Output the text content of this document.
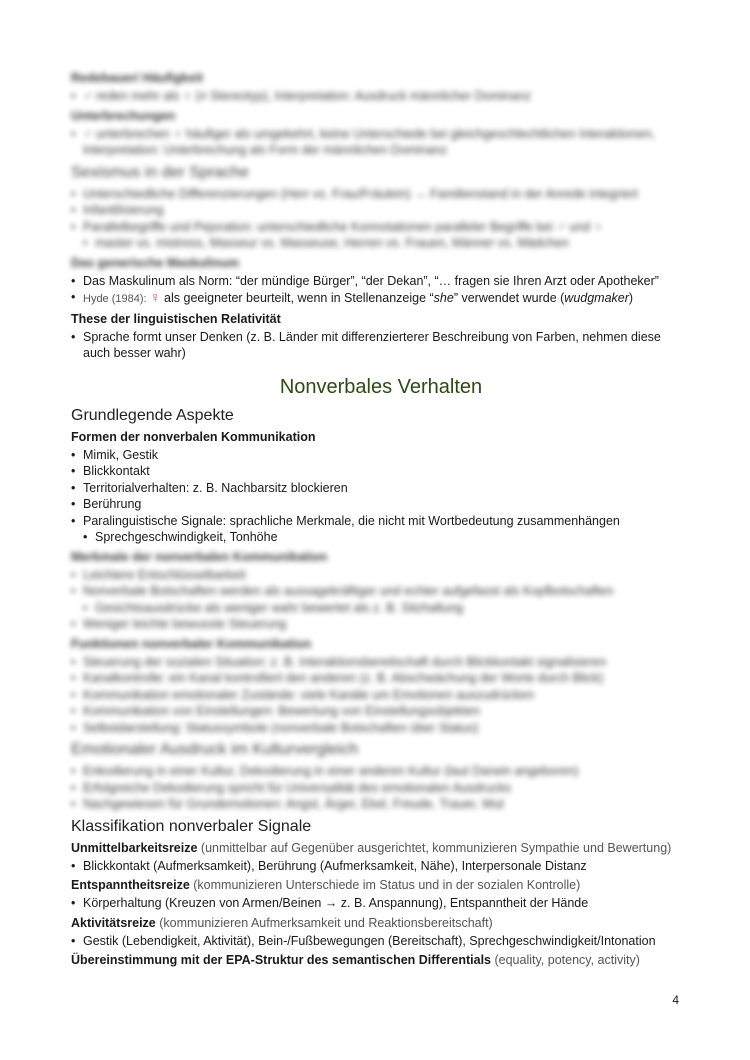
Redebauer/ Häufigkeit
• ♂ reden mehr als ♀ (≠ Stereotyp), Interpretation: Ausdruck männlicher Dominanz
Unterbrechungen
• ♂ unterbrechen ♀ häufiger als umgekehrt, keine Unterschiede bei gleichgeschlechtlichen Interaktionen, Interpretation: Unterbrechung als Form der männlichen Dominanz
Sexismus in der Sprache
• Unterschiedliche Differenzierungen (Herr vs. Frau/Fräulein) → Familienstand in der Anrede integriert
• Infantilisierung
• Parallelbegriffe und Pejoration: unterschiedliche Konnotationen paralleler Begriffe bei ♂ und ♀
• master vs. mistress, Masseur vs. Masseuse, Herren vs. Frauen, Männer vs. Mädchen
Das generische Maskulinum
• Das Maskulinum als Norm: “der mündige Bürger”, “der Dekan”, “… fragen sie Ihren Arzt oder Apotheker”
• Hyde (1984): ♀ als geeigneter beurteilt, wenn in Stellenanzeige “she” verwendet wurde (wudgmaker)
These der linguistischen Relativität
• Sprache formt unser Denken (z. B. Länder mit differenzierterer Beschreibung von Farben, nehmen diese auch besser wahr)
Nonverbales Verhalten
Grundlegende Aspekte
Formen der nonverbalen Kommunikation
• Mimik, Gestik
• Blickkontakt
• Territorialverhalten: z. B. Nachbarsitz blockieren
• Berührung
• Paralinguistische Signale: sprachliche Merkmale, die nicht mit Wortbedeutung zusammenhängen
• Sprechgeschwindigkeit, Tonhöhe
Merkmale der nonverbalen Kommunikation
• Leichtere Entschlüsselbarkeit
• Nonverbale Botschaften werden als aussagekräftiger und echter aufgefasst als Kopfbotschaften
• Gesichtsausdrücke als weniger wahr bewertet als z. B. Sitzhaltung
• Weniger leichte bewusste Steuerung
Funktionen nonverbaler Kommunikation
• Steuerung der sozialen Situation: z. B. Interaktionsbereitschaft durch Blickkontakt signalisieren
• Kanalkontrolle: ein Kanal kontrolliert den anderen (z. B. Abschwächung der Worte durch Blick)
• Kommunikation emotionaler Zustände: viele Kanäle um Emotionen auszudrücken
• Kommunikation von Einstellungen: Bewertung von Einstellungsobjekten
• Selbstdarstellung: Statussymbole (nonverbale Botschaften über Status)
Emotionaler Ausdruck im Kulturvergleich
• Enkodierung in einer Kultur, Dekodierung in einer anderen Kultur (laut Darwin angeboren)
• Erfolgreiche Dekodierung spricht für Universalität des emotionalen Ausdrucks
• Nachgewiesen für Grundemotionen: Angst, Ärger, Ekel, Freude, Trauer, Wut
Klassifikation nonverbaler Signale
Unmittelbarkeitsreize (unmittelbar auf Gegenüber ausgerichtet, kommunizieren Sympathie und Bewertung)
• Blickkontakt (Aufmerksamkeit), Berührung (Aufmerksamkeit, Nähe), Interpersonale Distanz
Entspanntheitsreize (kommunizieren Unterschiede im Status und in der sozialen Kontrolle)
• Körperhaltung (Kreuzen von Armen/Beinen → z. B. Anspannung), Entspanntheit der Hände
Aktivitätsreize (kommunizieren Aufmerksamkeit und Reaktionsbereitschaft)
• Gestik (Lebendigkeit, Aktivität), Bein-/Fußbewegungen (Bereitschaft), Sprechgeschwindigkeit/Intonation
Übereinstimmung mit der EPA-Struktur des semantischen Differentials (equality, potency, activity)
4
